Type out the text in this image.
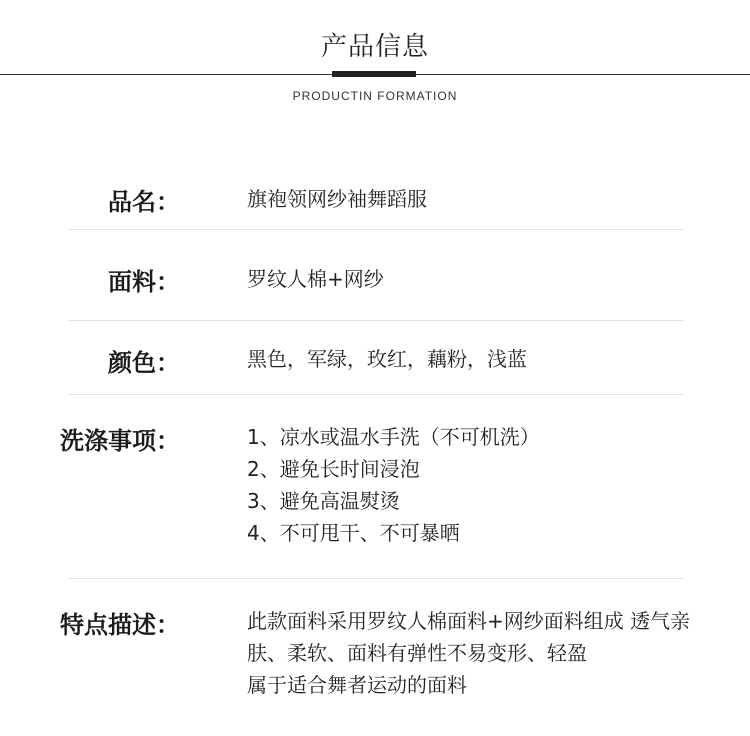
产品信息
PRODUCTIN FORMATION
品名：	旗袍领网纱袖舞蹈服
面料：	罗纹人棉+网纱
颜色：	黑色，军绿，玫红，藕粉，浅蓝
洗涤事项：	1、凉水或温水手洗（不可机洗）
2、避免长时间浸泡
3、避免高温熨烫
4、不可甩干、不可暴晒
特点描述：	此款面料采用罗纹人棉面料+网纱面料组成 透气亲
肤、柔软、面料有弹性不易变形、轻盈
属于适合舞者运动的面料
